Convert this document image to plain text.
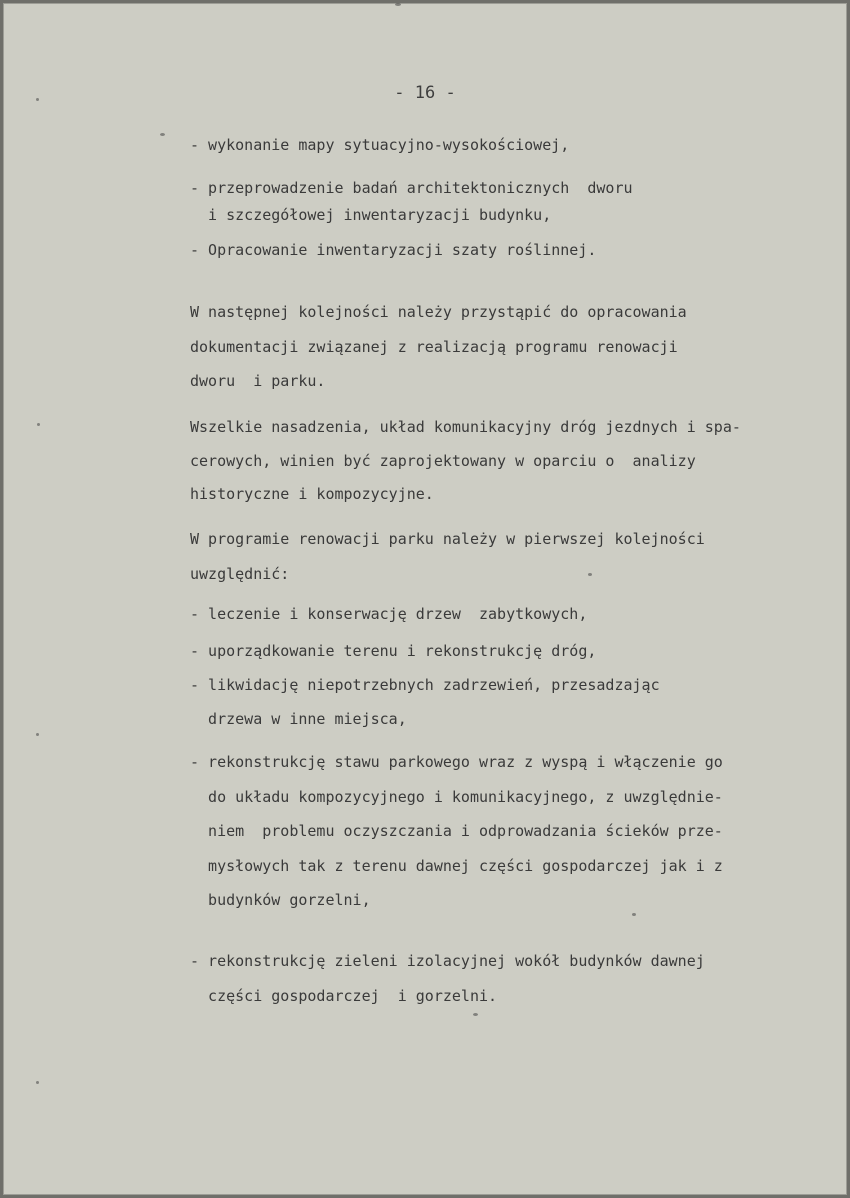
- 16 -

- wykonanie mapy sytuacyjno-wysokościowej,

- przeprowadzenie badań architektonicznych  dworu

i szczegółowej inwentaryzacji budynku,

- Opracowanie inwentaryzacji szaty roślinnej.

W następnej kolejności należy przystąpić do opracowania

dokumentacji związanej z realizacją programu renowacji

dworu  i parku.

Wszelkie nasadzenia, układ komunikacyjny dróg jezdnych i spa-

cerowych, winien być zaprojektowany w oparciu o  analizy

historyczne i kompozycyjne.

W programie renowacji parku należy w pierwszej kolejności

uwzględnić:

- leczenie i konserwację drzew  zabytkowych,

- uporządkowanie terenu i rekonstrukcję dróg,

- likwidację niepotrzebnych zadrzewień, przesadzając

drzewa w inne miejsca,

- rekonstrukcję stawu parkowego wraz z wyspą i włączenie go

do układu kompozycyjnego i komunikacyjnego, z uwzględnie-

niem  problemu oczyszczania i odprowadzania ścieków prze-

mysłowych tak z terenu dawnej części gospodarczej jak i z

budynków gorzelni,

- rekonstrukcję zieleni izolacyjnej wokół budynków dawnej

części gospodarczej  i gorzelni.
